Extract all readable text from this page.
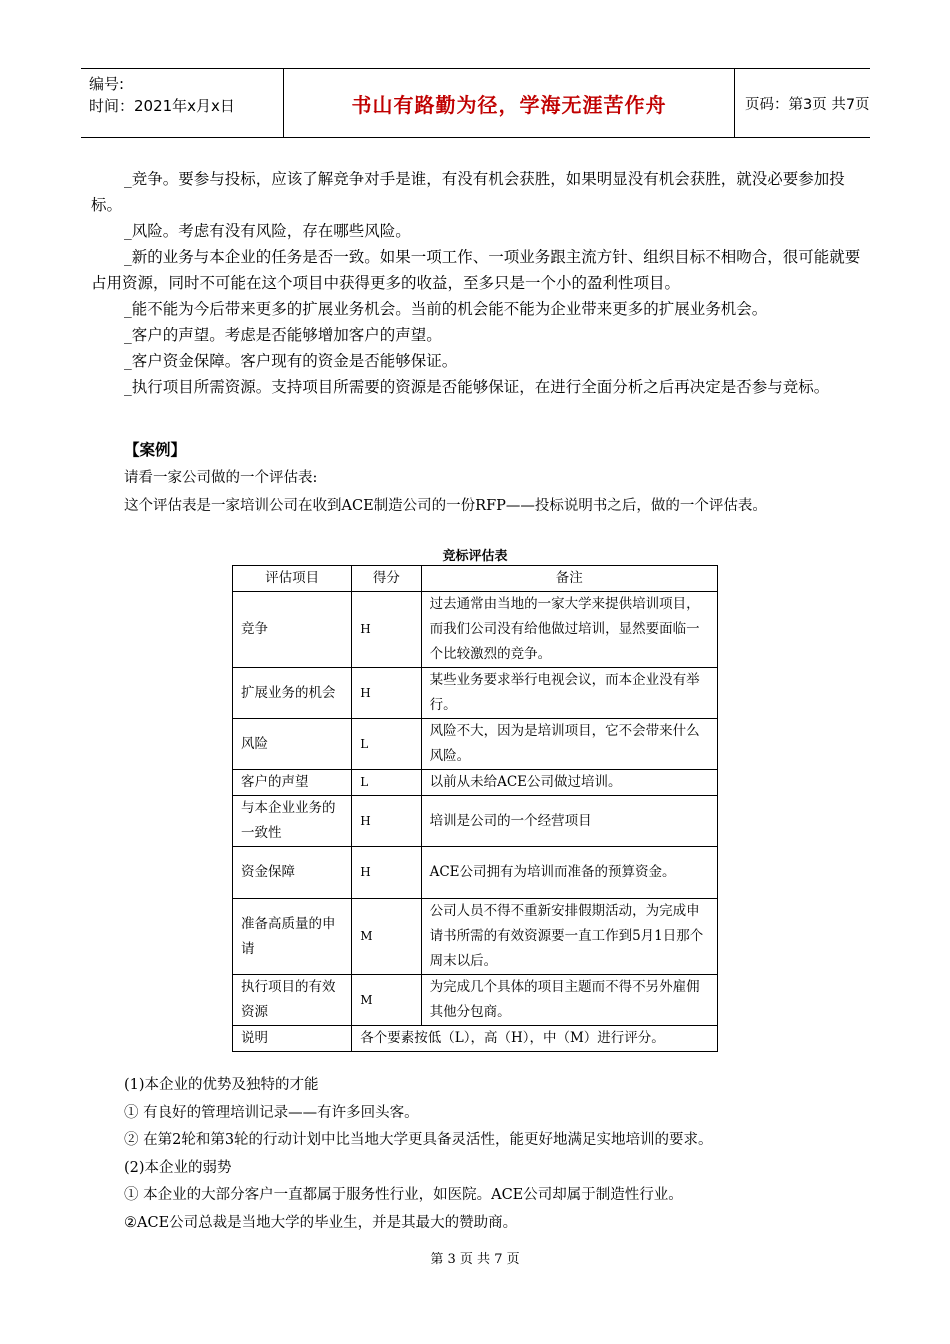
编号:
时间：2021年x月x日	书山有路勤为径，学海无涯苦作舟	页码：第3页 共7页

_竞争。要参与投标，应该了解竞争对手是谁，有没有机会获胜，如果明显没有机会获胜，就没必要参加投标。

_风险。考虑有没有风险，存在哪些风险。

_新的业务与本企业的任务是否一致。如果一项工作、一项业务跟主流方针、组织目标不相吻合，很可能就要占用资源，同时不可能在这个项目中获得更多的收益，至多只是一个小的盈利性项目。

_能不能为今后带来更多的扩展业务机会。当前的机会能不能为企业带来更多的扩展业务机会。

_客户的声望。考虑是否能够增加客户的声望。

_客户资金保障。客户现有的资金是否能够保证。

_执行项目所需资源。支持项目所需要的资源是否能够保证，在进行全面分析之后再决定是否参与竞标。

【案例】
请看一家公司做的一个评估表:
这个评估表是一家培训公司在收到ACE制造公司的一份RFP——投标说明书之后，做的一个评估表。
竞标评估表
评估项目	得分	备注
竞争	H	过去通常由当地的一家大学来提供培训项目，而我们公司没有给他做过培训，显然要面临一个比较激烈的竞争。
扩展业务的机会	H	某些业务要求举行电视会议，而本企业没有举行。
风险	L	风险不大，因为是培训项目，它不会带来什么风险。
客户的声望	L	以前从未给ACE公司做过培训。
与本企业业务的一致性	H	培训是公司的一个经营项目
资金保障	H	ACE公司拥有为培训而准备的预算资金。
准备高质量的申请	M	公司人员不得不重新安排假期活动，为完成申请书所需的有效资源要一直工作到5月1日那个周末以后。
执行项目的有效资源	M	为完成几个具体的项目主题而不得不另外雇佣其他分包商。
说明	各个要素按低（L），高（H），中（M）进行评分。	

(1)本企业的优势及独特的才能

① 有良好的管理培训记录——有许多回头客。

② 在第2轮和第3轮的行动计划中比当地大学更具备灵活性，能更好地满足实地培训的要求。

(2)本企业的弱势

① 本企业的大部分客户一直都属于服务性行业，如医院。ACE公司却属于制造性行业。

②ACE公司总裁是当地大学的毕业生，并是其最大的赞助商。

第 3 页 共 7 页
